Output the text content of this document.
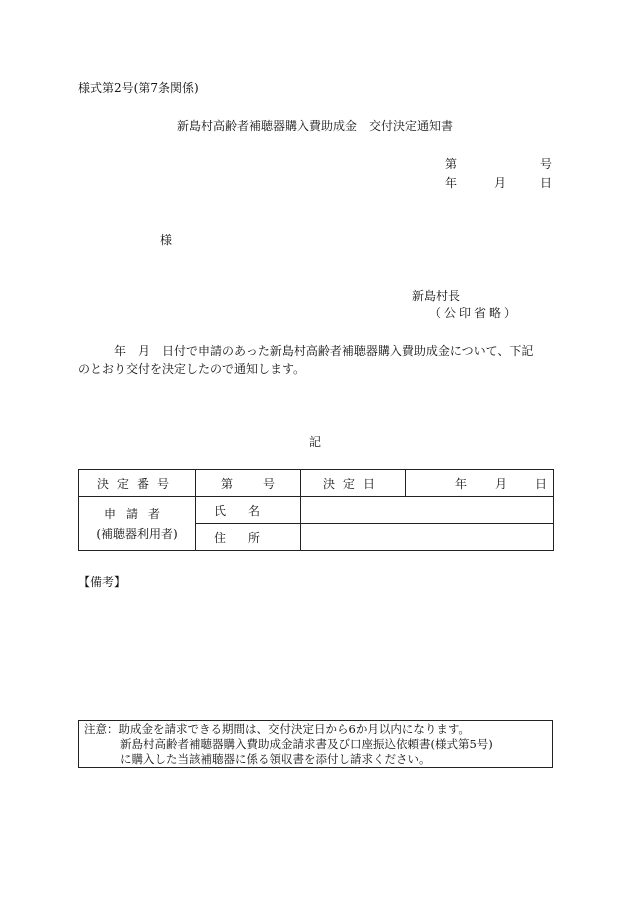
様式第2号(第7条関係)
新島村高齢者補聴器購入費助成金　交付決定通知書
第	号
年	月	日
様
新島村長
（公印省略）

年　月　日付で申請のあった新島村高齢者補聴器購入費助成金について、下記

のとおり交付を決定したので通知します。

記
決定番号	第 号	決定日	年 月 日

申請者
(補聴器利用者)	氏名		
	住所		
【備考】
注意：助成金を請求できる期間は、交付決定日から6か月以内になります。
新島村高齢者補聴器購入費助成金請求書及び口座振込依頼書(様式第5号)
に購入した当該補聴器に係る領収書を添付し請求ください。
